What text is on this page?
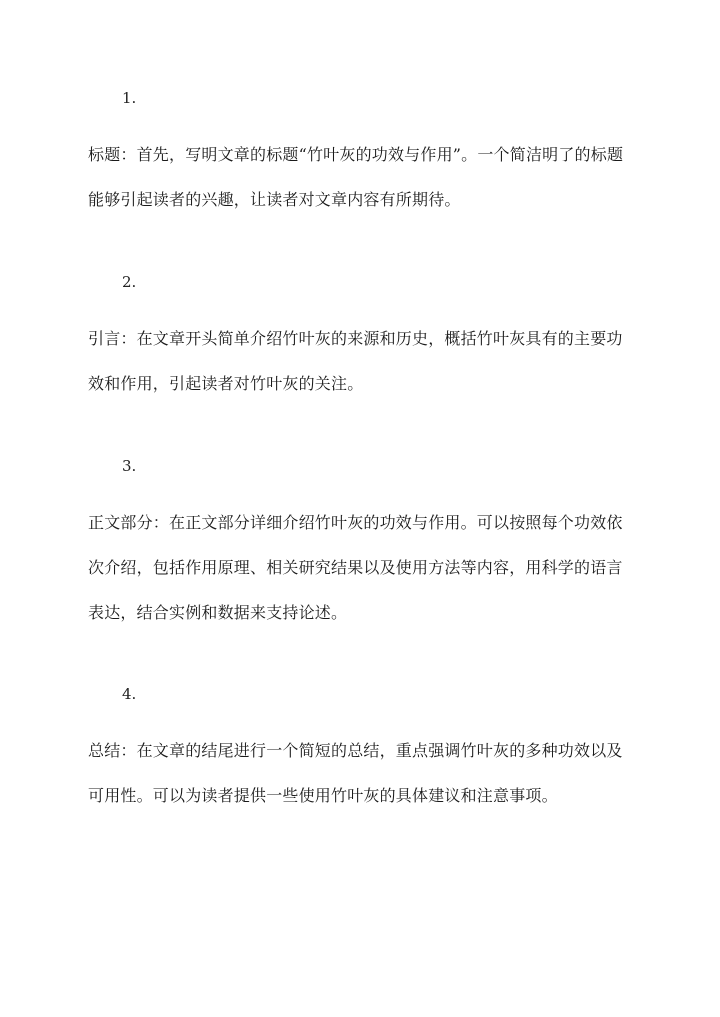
1.

标题：首先，写明文章的标题“竹叶灰的功效与作用”。一个简洁明了的标题能够引起读者的兴趣，让读者对文章内容有所期待。

2.

引言：在文章开头简单介绍竹叶灰的来源和历史，概括竹叶灰具有的主要功效和作用，引起读者对竹叶灰的关注。

3.

正文部分：在正文部分详细介绍竹叶灰的功效与作用。可以按照每个功效依次介绍，包括作用原理、相关研究结果以及使用方法等内容，用科学的语言表达，结合实例和数据来支持论述。

4.

总结：在文章的结尾进行一个简短的总结，重点强调竹叶灰的多种功效以及可用性。可以为读者提供一些使用竹叶灰的具体建议和注意事项。
